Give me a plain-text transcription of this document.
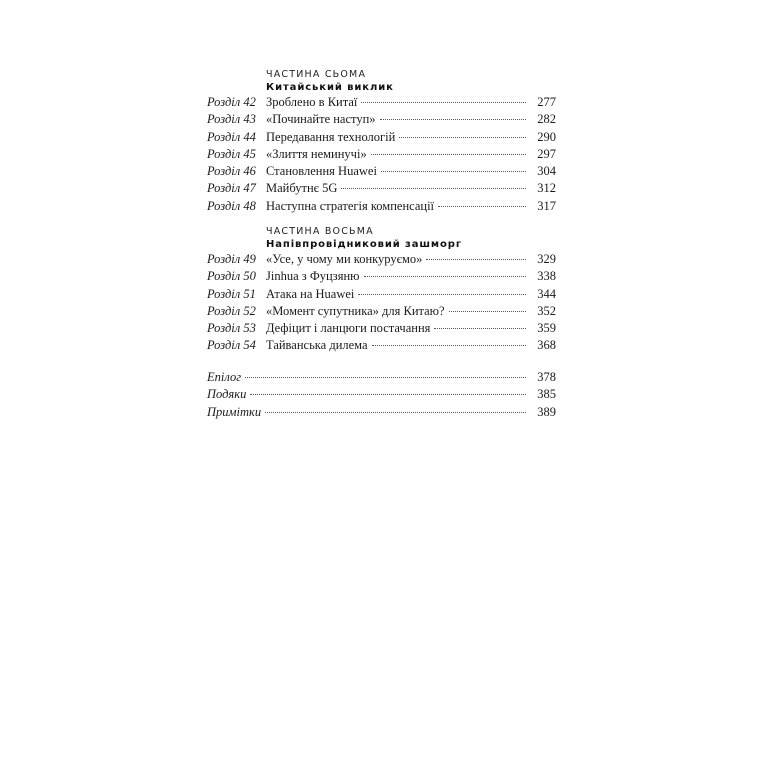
ЧАСТИНА СЬОМА
Китайський виклик
Розділ 42 Зроблено в Китаї	277
Розділ 43 «Починайте наступ»	282
Розділ 44 Передавання технологій	290
Розділ 45 «Злиття неминучі»	297
Розділ 46 Становлення Huawei	304
Розділ 47 Майбутнє 5G	312
Розділ 48 Наступна стратегія компенсації	317
ЧАСТИНА ВОСЬМА
Напівпровідниковий зашморг
Розділ 49 «Усе, у чому ми конкуруємо»	329
Розділ 50 Jinhua з Фуцзяню	338
Розділ 51 Атака на Huawei	344
Розділ 52 «Момент супутника» для Китаю?	352
Розділ 53 Дефіцит і ланцюги постачання	359
Розділ 54 Тайванська дилема	368
Епілог	378
Подяки	385
Примітки	389
